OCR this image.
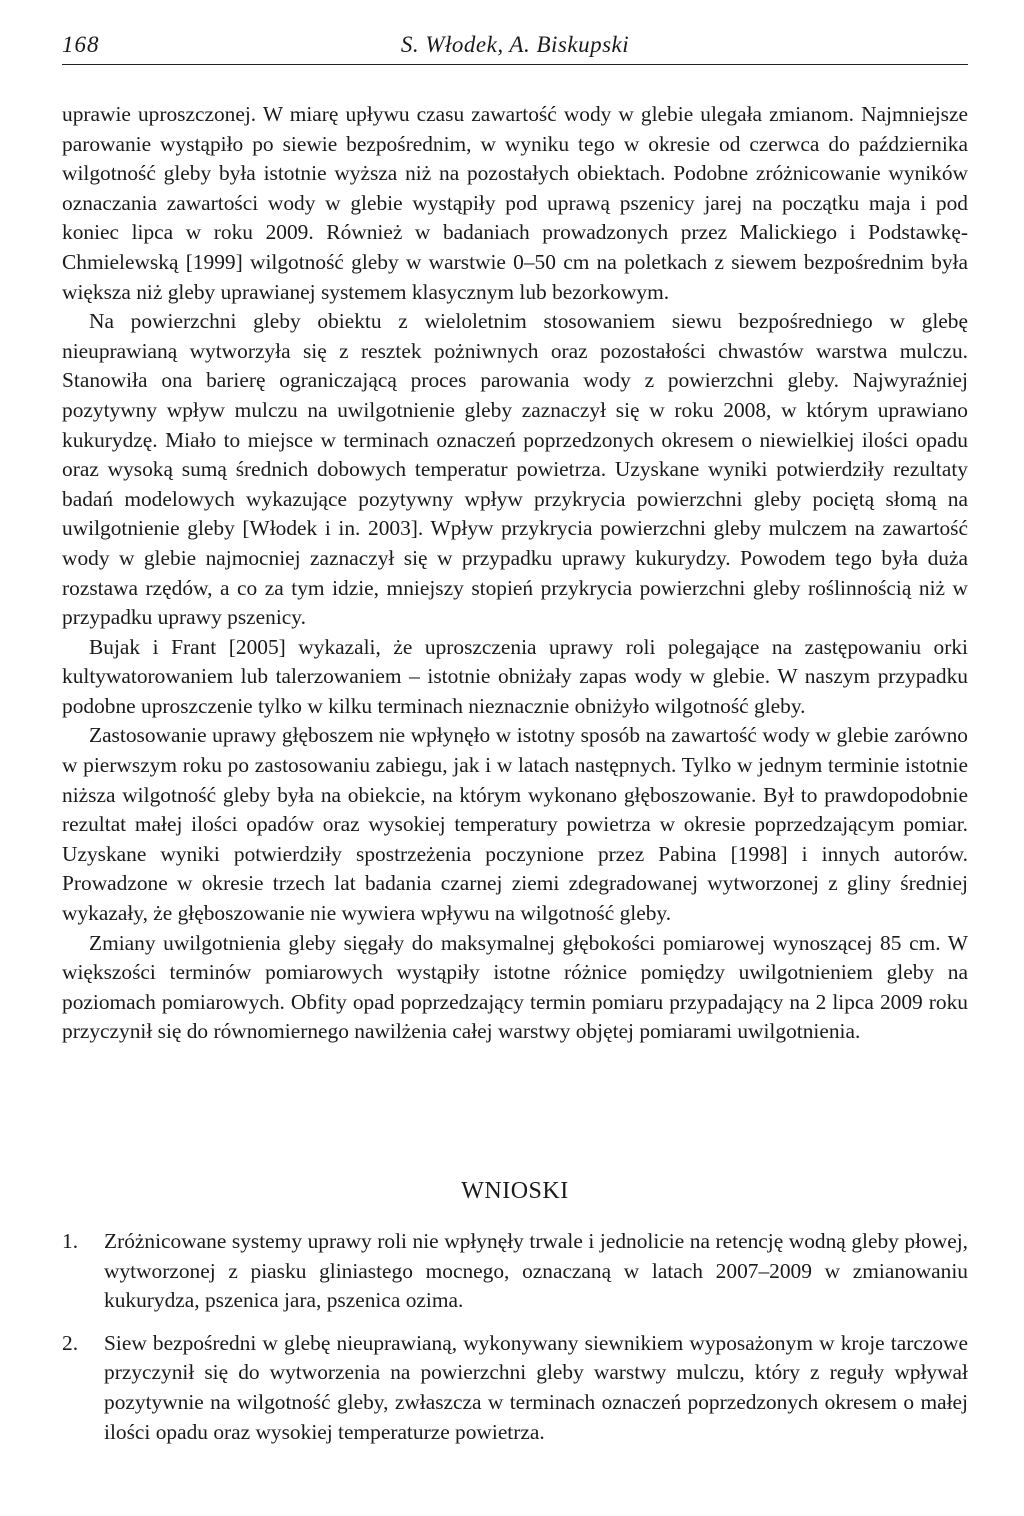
168	S. Włodek, A. Biskupski

uprawie uproszczonej. W miarę upływu czasu zawartość wody w glebie ulegała zmianom. Najmniejsze parowanie wystąpiło po siewie bezpośrednim, w wyniku tego w okresie od czerwca do października wilgotność gleby była istotnie wyższa niż na pozostałych obiektach. Podobne zróżnicowanie wyników oznaczania zawartości wody w glebie wystąpiły pod uprawą pszenicy jarej na początku maja i pod koniec lipca w roku 2009. Również w badaniach prowadzonych przez Malickiego i Podstawkę-Chmielewską [1999] wilgotność gleby w warstwie 0–50 cm na poletkach z siewem bezpośrednim była większa niż gleby uprawianej systemem klasycznym lub bezorkowym.

Na powierzchni gleby obiektu z wieloletnim stosowaniem siewu bezpośredniego w glebę nieuprawianą wytworzyła się z resztek pożniwnych oraz pozostałości chwastów warstwa mulczu. Stanowiła ona barierę ograniczającą proces parowania wody z powierzchni gleby. Najwyraźniej pozytywny wpływ mulczu na uwilgotnienie gleby zaznaczył się w roku 2008, w którym uprawiano kukurydzę. Miało to miejsce w terminach oznaczeń poprzedzonych okresem o niewielkiej ilości opadu oraz wysoką sumą średnich dobowych temperatur powietrza. Uzyskane wyniki potwierdziły rezultaty badań modelowych wykazujące pozytywny wpływ przykrycia powierzchni gleby pociętą słomą na uwilgotnienie gleby [Włodek i in. 2003]. Wpływ przykrycia powierzchni gleby mulczem na zawartość wody w glebie najmocniej zaznaczył się w przypadku uprawy kukurydzy. Powodem tego była duża rozstawa rzędów, a co za tym idzie, mniejszy stopień przykrycia powierzchni gleby roślinnością niż w przypadku uprawy pszenicy.

Bujak i Frant [2005] wykazali, że uproszczenia uprawy roli polegające na zastępowaniu orki kultywatorowaniem lub talerzowaniem – istotnie obniżały zapas wody w glebie. W naszym przypadku podobne uproszczenie tylko w kilku terminach nieznacznie obniżyło wilgotność gleby.

Zastosowanie uprawy głęboszem nie wpłynęło w istotny sposób na zawartość wody w glebie zarówno w pierwszym roku po zastosowaniu zabiegu, jak i w latach następnych. Tylko w jednym terminie istotnie niższa wilgotność gleby była na obiekcie, na którym wykonano głęboszowanie. Był to prawdopodobnie rezultat małej ilości opadów oraz wysokiej temperatury powietrza w okresie poprzedzającym pomiar. Uzyskane wyniki potwierdziły spostrzeżenia poczynione przez Pabina [1998] i innych autorów. Prowadzone w okresie trzech lat badania czarnej ziemi zdegradowanej wytworzonej z gliny średniej wykazały, że głęboszowanie nie wywiera wpływu na wilgotność gleby.

Zmiany uwilgotnienia gleby sięgały do maksymalnej głębokości pomiarowej wynoszącej 85 cm. W większości terminów pomiarowych wystąpiły istotne różnice pomiędzy uwilgotnieniem gleby na poziomach pomiarowych. Obfity opad poprzedzający termin pomiaru przypadający na 2 lipca 2009 roku przyczynił się do równomiernego nawilżenia całej warstwy objętej pomiarami uwilgotnienia.

WNIOSKI
1. Zróżnicowane systemy uprawy roli nie wpłynęły trwale i jednolicie na retencję wodną gleby płowej, wytworzonej z piasku gliniastego mocnego, oznaczaną w latach 2007–2009 w zmianowaniu kukurydza, pszenica jara, pszenica ozima.
2. Siew bezpośredni w glebę nieuprawianą, wykonywany siewnikiem wyposażonym w kroje tarczowe przyczynił się do wytworzenia na powierzchni gleby warstwy mulczu, który z reguły wpływał pozytywnie na wilgotność gleby, zwłaszcza w terminach oznaczeń poprzedzonych okresem o małej ilości opadu oraz wysokiej temperaturze powietrza.
